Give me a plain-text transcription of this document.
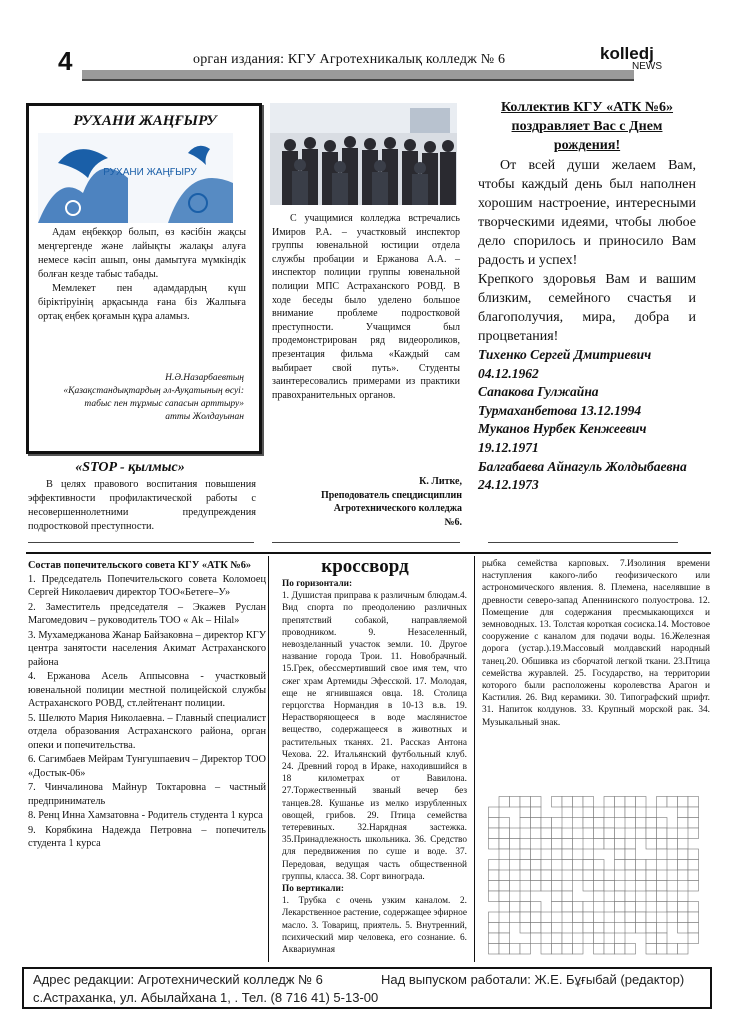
4	орган издания: КГУ Агротехникалық колледж № 6	kolledj
NEWS
РУХАНИ ЖАҢҒЫРУ
РУХАНИ ЖАҢҒЫРУ

Адам еңбекқор болып, өз кәсібін жақсы меңгергенде және лайықты жалақы алуға немесе кәсіп ашып, оны дамытуға мүмкіндік болған кезде табыс табады.

Мемлекет пен адамдардың күш біріктіруінің арқасында ғана біз Жалпыға ортақ еңбек қоғамын құра аламыз.

Н.Ә.Назарбаевтың
«Қазақстандықтардың әл-Ауқатының өсуі: табыс пен тұрмыс сапасын арттыру»
атты Жолдауынан
«STOP - қылмыс»
В целях правового воспитания повышения эффективности профилактической работы с несовершеннолетними предупреждения подростковой преступности.
С учащимися колледжа встречались Имиров Р.А. – участковый инспектор группы ювенальной юстиции отдела службы пробации и Ержанова А.А. – инспектор полиции группы ювенальной полиции МПС Астраханского РОВД. В ходе беседы было уделено большое внимание проблеме подростковой преступности. Учащимся был продемонстрирован ряд видеороликов, презентация фильма «Каждый сам выбирает свой путь». Студенты заинтересовались примерами из практики правохранительных органов.
К. Литке,
Преподователь спецдисциплин Агротехнического колледжа №6.

Коллектив КГУ «АТК №6» поздравляет Вас с Днем рождения!

От всей души желаем Вам, чтобы каждый день был наполнен хорошим настроение, интересными творческими идеями, чтобы любое дело спорилось и приносило Вам радость и успех!

Крепкого здоровья Вам и вашим близким, семейного счастья и благополучия, мира, добра и процветания!

Тихенко Сергей Дмитриевич 04.12.1962
Сапакова Гулжайна Турмаханбетова 13.12.1994
Муканов Нурбек Кенжеевич 19.12.1971
Балгабаева Айнагуль Жолдыбаевна 24.12.1973

Состав попечительского совета КГУ «АТК №6»

1. Председатель Попечительского совета Коломоец Сергей Николаевич директор ТОО«Бетеге–У»
2. Заместитель председателя – Экажев Руслан Магомедович – руководитель ТОО « Ak – Hilal»
3. Мухамеджанова Жанар Байзаковна – директор КГУ центра занятости населения Акимат Астраханского района
4. Ержанова Асель Аппысовна - участковый ювенальной полиции местной полицейской службы Астраханского РОВД, ст.лейтенант полиции.
5. Шелюто Мария Николаевна. – Главный специалист отдела образования Астраханского района, орган опеки и попечительства.
6. Сагимбаев Мейрам Тунгушпаевич – Директор ТОО «Достык-06»
7. Чинчалинова Майнур Токтаровна – частный предприниматель
8. Ренц Инна Хамзатовна - Родитель студента 1 курса
9. Корябкина Надежда Петровна – попечитель студента 1 курса
кроссворд
По горизонтали:
1. Душистая приправа к различным блюдам.4. Вид спорта по преодолению различных препятствий собакой, направляемой проводником. 9. Незаселенный, невозделанный участок земли. 10. Другое название города Трои. 11. Новобрачный. 15.Грек, обессмертивший свое имя тем, что сжег храм Артемиды Эфесской. 17. Молодая, еще не ягнившаяся овца. 18. Столица герцогства Нормандия в 10-13 в.в. 19. Нерастворяющееся в воде маслянистое вещество, содержащееся в животных и растительных тканях. 21. Рассказ Антона Чехова. 22. Итальянский футбольный клуб. 24. Древний город в Ираке, находившийся в 18 километрах от Вавилона. 27.Торжественный званый вечер без танцев.28. Кушанье из мелко изрубленных овощей, грибов. 29. Птица семейства тетеревиных. 32.Нарядная застежка. 35.Принадлежность школьника. 36. Средство для передвижения по суше и воде. 37. Передовая, ведущая часть общественной группы, класса. 38. Сорт винограда.
По вертикали:
1. Трубка с очень узким каналом. 2. Лекарственное растение, содержащее эфирное масло. 3. Товарищ, приятель. 5. Внутренний, психический мир человека, его сознание. 6. Аквариумная
рыбка семейства карповых. 7.Изолиния времени наступления какого-либо геофизического или астрономического явления. 8. Племена, населявшие в древности северо-запад Апеннинского полуострова. 12. Помещение для содержания пресмыкающихся и земноводных. 13. Толстая короткая сосиска.14. Мостовое сооружение с каналом для подачи воды. 16.Железная дорога (устар.).19.Массовый молдавский народный танец.20. Обшивка из сборчатой легкой ткани. 23.Птица семейства журавлей. 25. Государство, на территории которого были расположены королевства Арагон и Кастилия. 26. Вид керамики. 30. Типографский шрифт. 31. Напиток колдунов. 33. Крупный морской рак. 34. Музыкальный знак.
Адрес редакции: Агротехнический колледж № 6	Над выпуском работали: Ж.Е. Бұғыбай (редактор)
с.Астраханка, ул. Абылайхана 1, . Тел. (8 716 41) 5-13-00
